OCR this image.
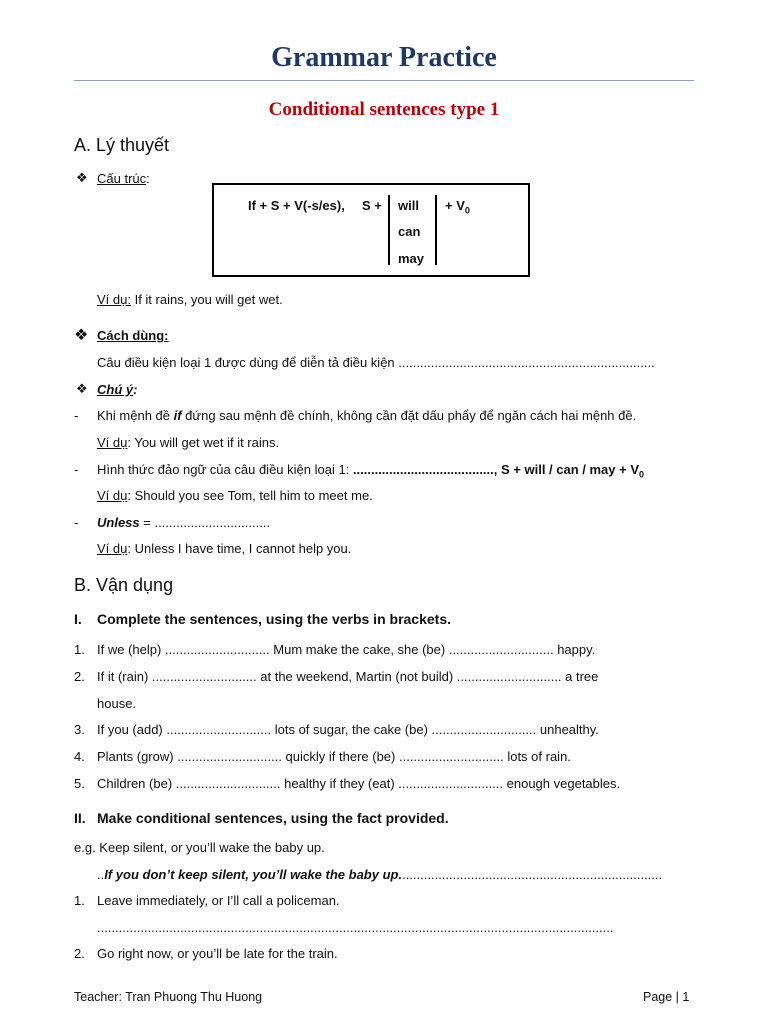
Grammar Practice
Conditional sentences type 1
A. Lý thuyết
❖ Cấu trúc:
If + S + V(-s/es), S + will
can
may
+ $V_0$
Ví dụ: If it rains, you will get wet.
❖ Cách dùng:
Câu điều kiện loại 1 được dùng để diễn tả điều kiện .......................................................................
❖ Chú ý:
- Khi mệnh đề if đứng sau mệnh đề chính, không cần đặt dấu phẩy để ngăn cách hai mệnh đề.
Ví dụ: You will get wet if it rains.
- Hình thức đảo ngữ của câu điều kiện loại 1: ......................................., S + will / can / may + $V_0$
Ví dụ: Should you see Tom, tell him to meet me.
- Unless = ................................
Ví dụ: Unless I have time, I cannot help you.
B. Vận dụng
I. Complete the sentences, using the verbs in brackets.
1. If we (help) ............................. Mum make the cake, she (be) ............................. happy.
2. If it (rain) ............................. at the weekend, Martin (not build) ............................. a tree
house.
3. If you (add) ............................. lots of sugar, the cake (be) ............................. unhealthy.
4. Plants (grow) ............................. quickly if there (be) ............................. lots of rain.
5. Children (be) ............................. healthy if they (eat) ............................. enough vegetables.
II. Make conditional sentences, using the fact provided.
e.g. Keep silent, or you’ll wake the baby up.
..If you don’t keep silent, you’ll wake the baby up.........................................................................
1. Leave immediately, or I’ll call a policeman.
...............................................................................................................................................
2. Go right now, or you’ll be late for the train.
Teacher: Tran Phuong Thu Huong	Page | 1
